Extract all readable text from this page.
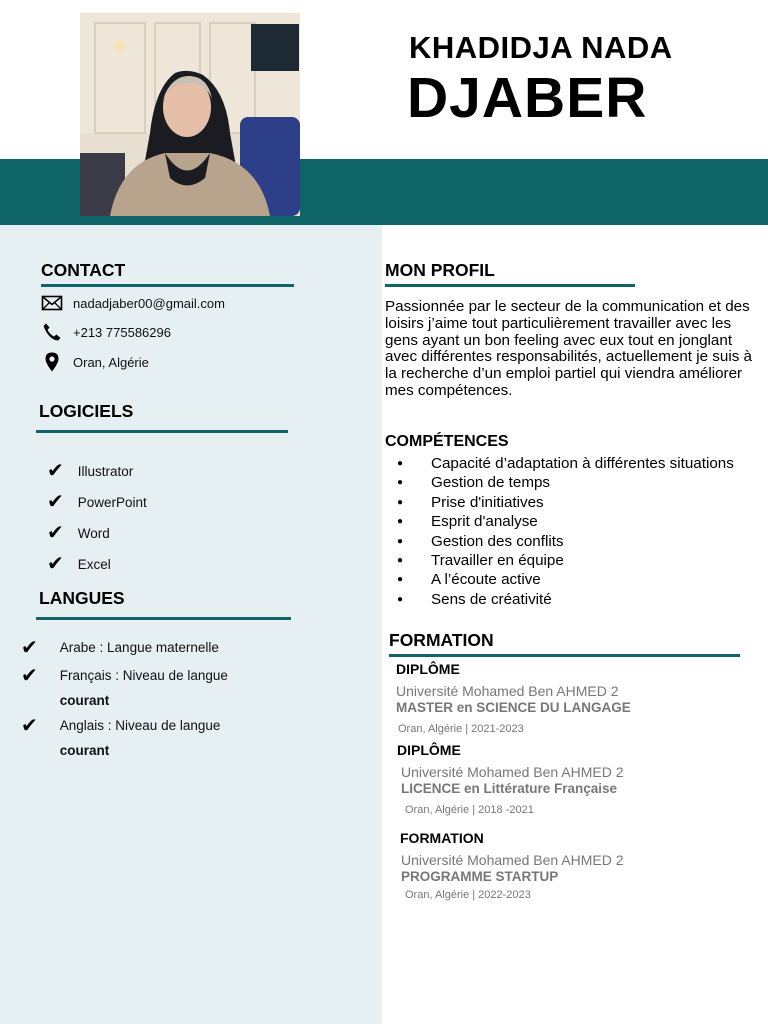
KHADIDJA NADA
DJABER
CONTACT
nadadjaber00@gmail.com
+213 775586296
Oran, Algérie
LOGICIELS
✔ Illustrator
✔ PowerPoint
✔ Word
✔ Excel
LANGUES
✔ Arabe : Langue maternelle
✔ Français : Niveau de langue
courant
✔ Anglais : Niveau de langue
courant
MON PROFIL
Passionnée par le secteur de la communication et des loisirs j’aime tout particulièrement travailler avec les gens ayant un bon feeling avec eux tout en jonglant avec différentes responsabilités, actuellement je suis à la recherche d’un emploi partiel qui viendra améliorer mes compétences.
COMPÉTENCES
● Capacité d’adaptation à différentes situations
● Gestion de temps
● Prise d'initiatives
● Esprit d'analyse
● Gestion des conflits
● Travailler en équipe
● A l’écoute active
● Sens de créativité
FORMATION
DIPLÔME
Université Mohamed Ben AHMED 2
MASTER en SCIENCE DU LANGAGE
Oran, Algérie | 2021-2023
DIPLÔME
Université Mohamed Ben AHMED 2
LICENCE en Littérature Française
Oran, Algérie | 2018 -2021
FORMATION
Université Mohamed Ben AHMED 2
PROGRAMME STARTUP
Oran, Algérie | 2022-2023
